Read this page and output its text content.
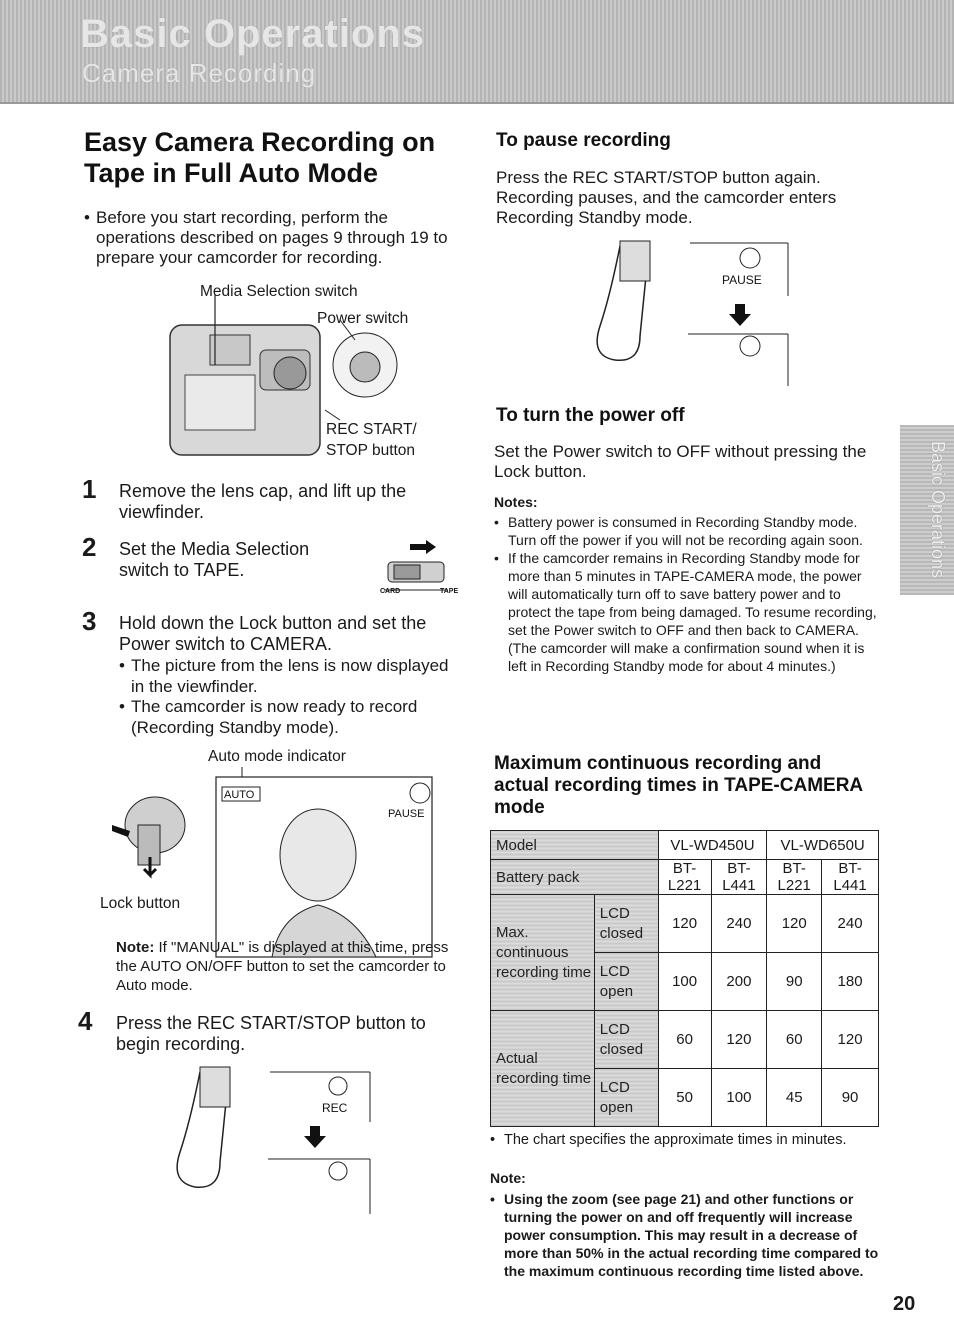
Basic Operations
Camera Recording
Basic Operations
Easy Camera Recording on
Tape in Full Auto Mode
• Before you start recording, perform the operations described on pages 9 through 19 to prepare your camcorder for recording.
Media Selection switch
Power switch
REC START/
STOP button
1 Remove the lens cap, and lift up the viewfinder.
2 Set the Media Selection
switch to TAPE.
CARD	TAPE
3 Hold down the Lock button and set the
Power switch to CAMERA.
• The picture from the lens is now displayed in the viewfinder.
• The camcorder is now ready to record (Recording Standby mode).
Auto mode indicator
AUTO
PAUSE
Lock button
Note: If "MANUAL" is displayed at this time, press the AUTO ON/OFF button to set the camcorder to Auto mode.
4 Press the REC START/STOP button to
begin recording.
REC
To pause recording
Press the REC START/STOP button again. Recording pauses, and the camcorder enters Recording Standby mode.
PAUSE
To turn the power off
Set the Power switch to OFF without pressing the Lock button.
Notes:
• Battery power is consumed in Recording Standby mode. Turn off the power if you will not be recording again soon.
• If the camcorder remains in Recording Standby mode for more than 5 minutes in TAPE-CAMERA mode, the power will automatically turn off to save battery power and to protect the tape from being damaged. To resume recording, set the Power switch to OFF and then back to CAMERA. (The camcorder will make a confirmation sound when it is left in Recording Standby mode for about 4 minutes.)
Maximum continuous recording and actual recording times in TAPE-CAMERA mode
Model		VL-WD450U		VL-WD650U	
Battery pack		BT-L221	BT-L441	BT-L221	BT-L441
Max. continuous recording time	LCD closed	120	240	120	240
	LCD open	100	200	90	180
Actual recording time	LCD closed	60	120	60	120
	LCD open	50	100	45	90
• The chart specifies the approximate times in minutes.
Note:
• Using the zoom (see page 21) and other functions or turning the power on and off frequently will increase power consumption. This may result in a decrease of more than 50% in the actual recording time compared to the maximum continuous recording time listed above.
20
